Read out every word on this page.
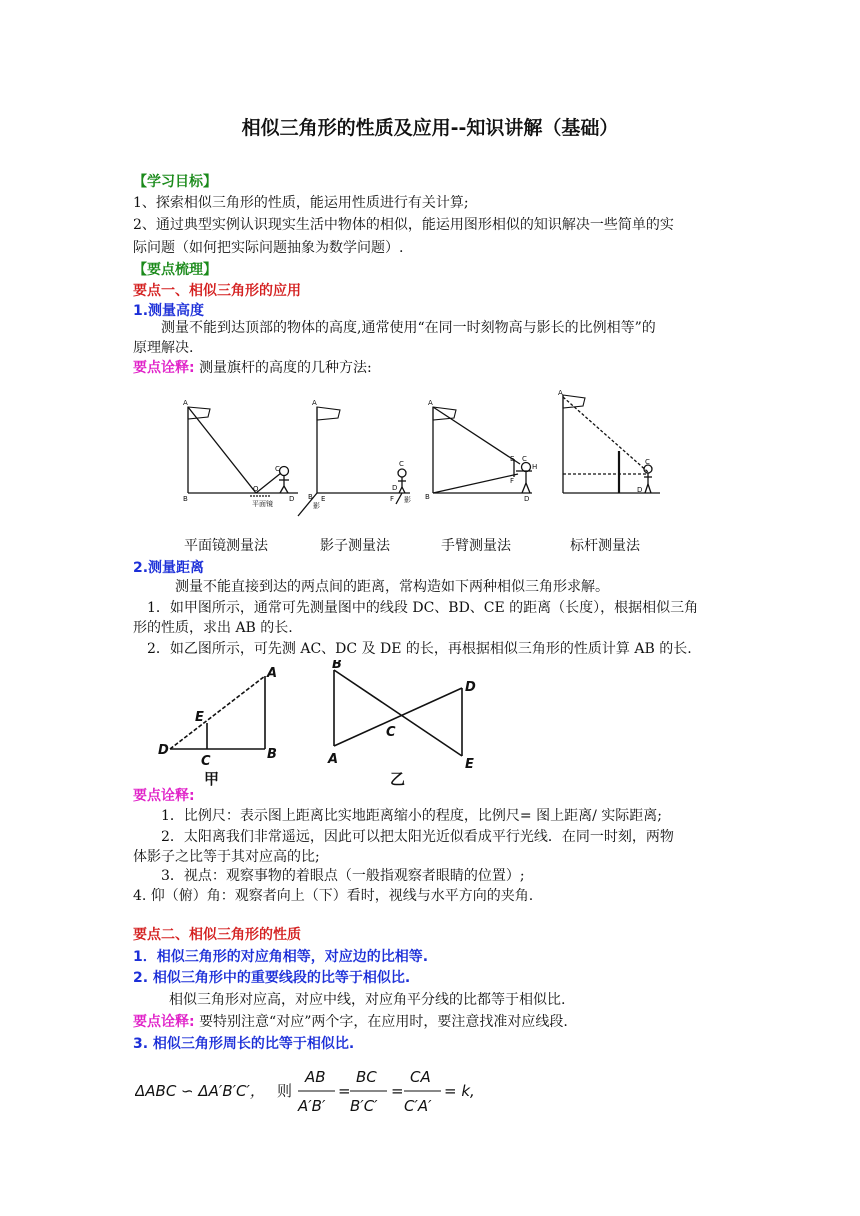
相似三角形的性质及应用--知识讲解（基础）
【学习目标】
1、探索相似三角形的性质，能运用性质进行有关计算;
2、通过典型实例认识现实生活中物体的相似，能运用图形相似的知识解决一些简单的实
际问题（如何把实际问题抽象为数学问题）.
【要点梳理】
要点一、相似三角形的应用
1.测量高度
测量不能到达顶部的物体的高度,通常使用“在同一时刻物高与影长的比例相等”的
原理解决.
要点诠释: 测量旗杆的高度的几种方法:
A
B
O
D
C
平面镜
A
B
C
D
E	F
影
影
A
B
E
F
C
H
D
A
C
D
平面镜测量法	影子测量法	手臂测量法	标杆测量法
2.测量距离
测量不能直接到达的两点间的距离，常构造如下两种相似三角形求解。
1．如甲图所示，通常可先测量图中的线段 DC、BD、CE 的距离（长度），根据相似三角
形的性质，求出 AB 的长.
2．如乙图所示，可先测 AC、DC 及 DE 的长，再根据相似三角形的性质计算 AB 的长.
A
E
D
C	B
甲
B
D
C
A	E
乙
要点诠释:
1．比例尺：表示图上距离比实地距离缩小的程度，比例尺= 图上距离/ 实际距离;
2．太阳离我们非常遥远，因此可以把太阳光近似看成平行光线．在同一时刻，两物
体影子之比等于其对应高的比;
3．视点：观察事物的着眼点（一般指观察者眼睛的位置）;
4. 仰（俯）角：观察者向上（下）看时，视线与水平方向的夹角.
要点二、相似三角形的性质
1．相似三角形的对应角相等，对应边的比相等.
2. 相似三角形中的重要线段的比等于相似比.
相似三角形对应高，对应中线，对应角平分线的比都等于相似比.
要点诠释: 要特别注意“对应”两个字，在应用时，要注意找准对应线段.
3. 相似三角形周长的比等于相似比.
ΔABC ∽ ΔA′B′C′， 则
AB
A′B′
=
BC
B′C′
=
CA
C′A′
= k,
